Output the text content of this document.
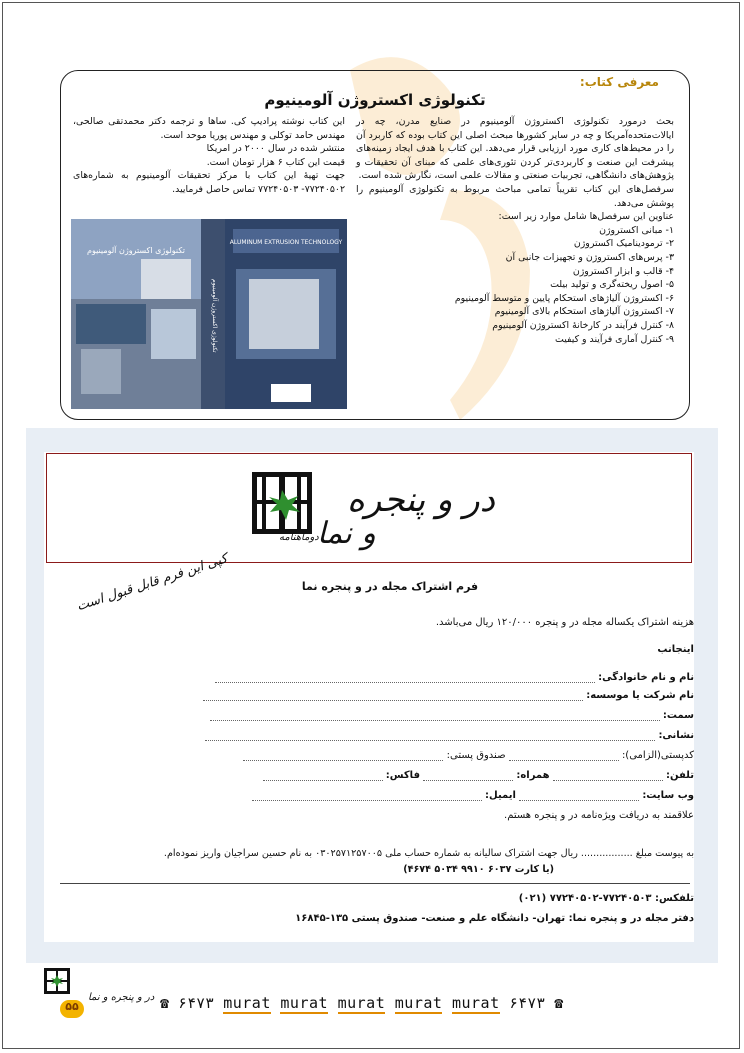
معرفی کتاب:
تکنولوژی اکستروژن آلومینیوم

بحث درمورد تکنولوژی اکستروژن آلومینیوم در صنایع مدرن، چه در ایالات‌متحده‌آمریکا و چه در سایر کشورها مبحث اصلی این کتاب بوده که کاربرد آن را در محیط‌های کاری مورد ارزیابی قرار می‌دهد. این کتاب با هدف ایجاد زمینه‌های پیشرفت این صنعت و کاربردی‌تر کردن تئوری‌های علمی که مبنای آن تحقیقات و پژوهش‌های دانشگاهی، تجربیات صنعتی و مقالات علمی است، نگارش شده است.

سرفصل‌های این کتاب تقریباً تمامی مباحث مربوط به تکنولوژی آلومینیوم را پوشش می‌دهد.

عناوین این سرفصل‌ها شامل موارد زیر است:

۱- مبانی اکستروژن
۲- ترمودینامیک اکستروژن
۳- پرس‌های اکستروژن و تجهیزات جانبی آن
۴- قالب و ابزار اکستروژن
۵- اصول ریخته‌گری و تولید بیلت
۶- اکستروژن آلیاژهای استحکام پایین و متوسط آلومینیوم
۷- اکستروژن آلیاژهای استحکام بالای آلومینیوم
۸- کنترل فرآیند در کارخانهٔ اکستروژن آلومینیوم
۹- کنترل آماری فرآیند و کیفیت

این کتاب نوشته پرادیپ کی. ساها و ترجمه دکتر محمدتقی صالحی، مهندس حامد توکلی و مهندس پوریا موحد است.

منتشر شده در سال ۲۰۰۰ در امریکا

قیمت این کتاب ۶ هزار تومان است.

جهت تهیهٔ این کتاب با مرکز تحقیقات آلومینیوم به شماره‌های ۷۷۲۴۰۵۰۲- ۷۷۲۴۰۵۰۳ تماس حاصل فرمایید.

تکنولوژی اکستروژن آلومینیوم
تکنولوژی اکستروژن آلومینیوم
ALUMINUM EXTRUSION TECHNOLOGY
در و پنجره
و نما
دوماهنامه
فرم اشتراک مجله در و پنجره نما
کپی این فرم قابل قبول است
هزینه اشتراک یکساله مجله در و پنجره ۱۲۰/۰۰۰ ریال می‌باشد.
اینجانب
نام و نام خانوادگی:
نام شرکت یا موسسه:
سمت:
نشانی:
کدپستی(الزامی):  صندوق پستی:
تلفن:  همراه:  فاکس:
وب سایت:  ایمیل:
علاقمند به دریافت ویژه‌نامه در و پنجره هستم.
به پیوست مبلغ ................. ریال جهت اشتراک سالیانه به شماره حساب ملی ۰۳۰۲۵۷۱۲۵۷۰۰۵ به نام حسین سراجیان واریز نموده‌ام.
(یا کارت ۶۰۳۷ ۹۹۱۰ ۵۰۳۴ ۴۶۷۴)
تلفکس: ۷۷۲۴۰۵۰۳-۷۷۲۴۰۵۰۲ (۰۲۱)
دفتر مجله در و پنجره نما: تهران- دانشگاه علم و صنعت- صندوق پستی ۱۳۵-۱۶۸۴۵
۵۵
در و پنجره و نما ☎ ۶۴۷۳ murat murat murat murat murat ۶۴۷۳ ☎
